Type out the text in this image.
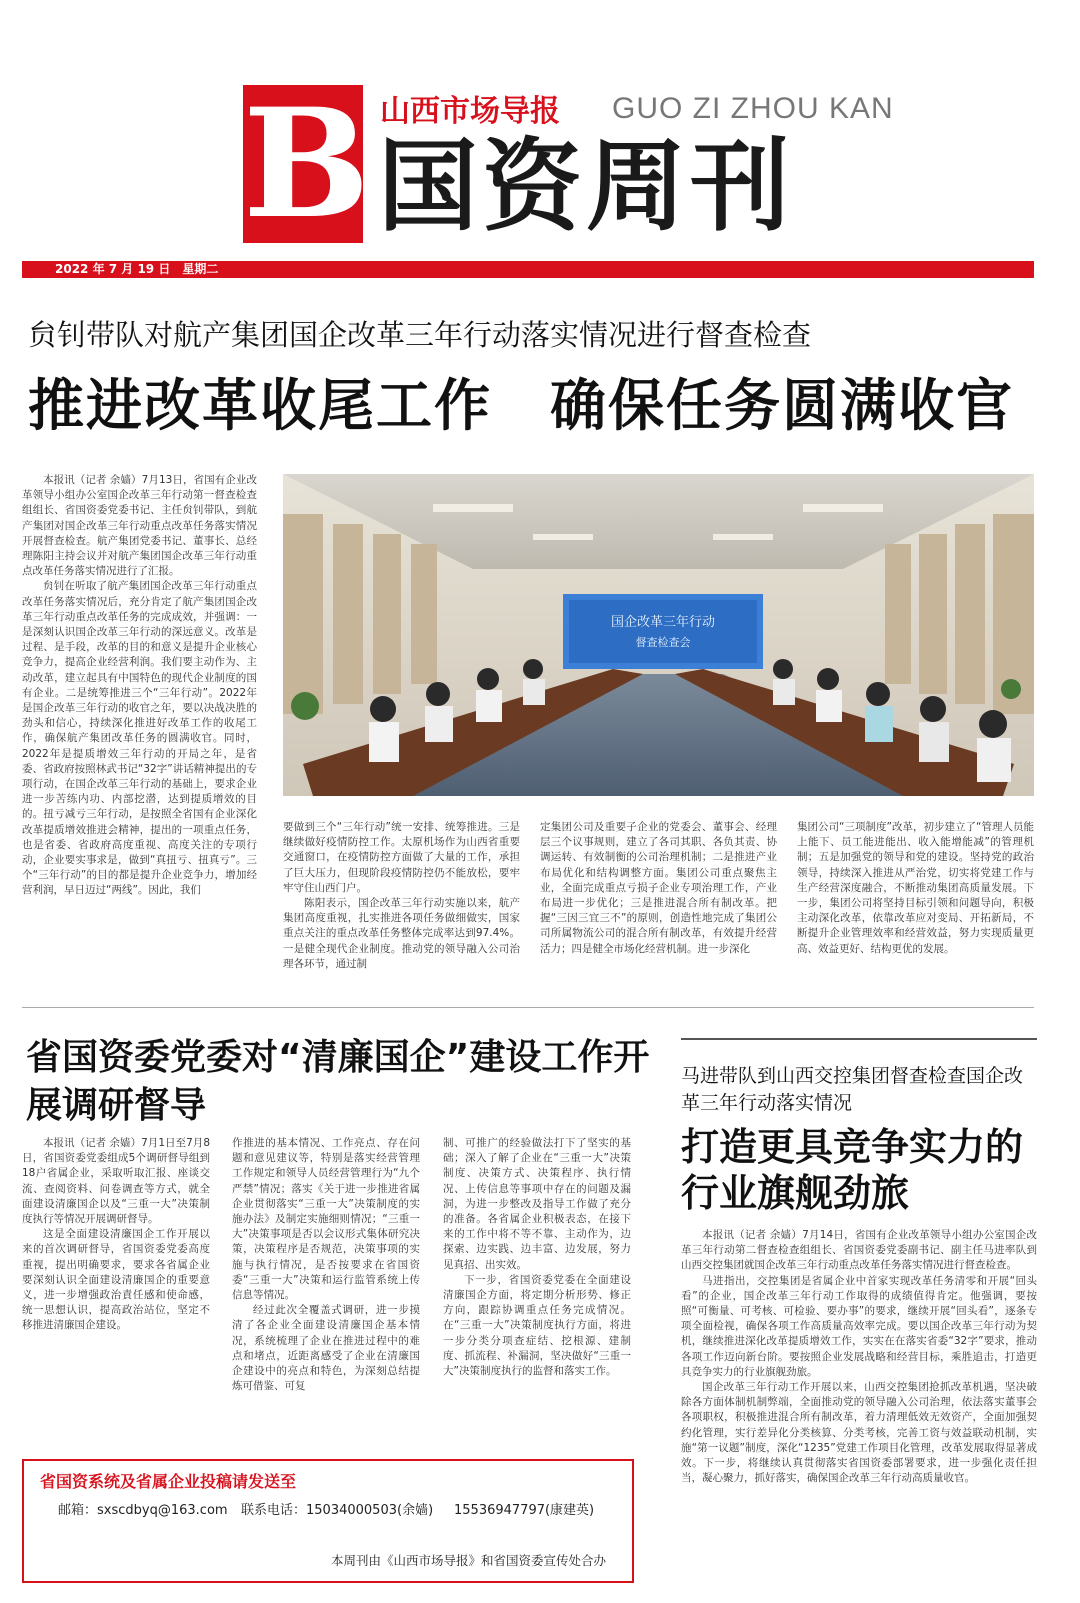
B 山西市场导报 GUO ZI ZHOU KAN
国资周刊
2022 年 7 月 19 日　星期二
贠钊带队对航产集团国企改革三年行动落实情况进行督查检查
推进改革收尾工作　确保任务圆满收官

本报讯（记者 余嫱）7月13日，省国有企业改革领导小组办公室国企改革三年行动第一督查检查组组长、省国资委党委书记、主任贠钊带队，到航产集团对国企改革三年行动重点改革任务落实情况开展督查检查。航产集团党委书记、董事长、总经理陈阳主持会议并对航产集团国企改革三年行动重点改革任务落实情况进行了汇报。

贠钊在听取了航产集团国企改革三年行动重点改革任务落实情况后，充分肯定了航产集团国企改革三年行动重点改革任务的完成成效，并强调：一是深刻认识国企改革三年行动的深远意义。改革是过程、是手段，改革的目的和意义是提升企业核心竞争力，提高企业经营利润。我们要主动作为、主动改革，建立起具有中国特色的现代企业制度的国有企业。二是统筹推进三个“三年行动”。2022年是国企改革三年行动的收官之年，要以决战决胜的劲头和信心，持续深化推进好改革工作的收尾工作，确保航产集团改革任务的圆满收官。同时，2022年是提质增效三年行动的开局之年，是省委、省政府按照林武书记“32字”讲话精神提出的专项行动，在国企改革三年行动的基础上，要求企业进一步苦练内功、内部挖潜，达到提质增效的目的。扭亏减亏三年行动，是按照全省国有企业深化改革提质增效推进会精神，提出的一项重点任务，也是省委、省政府高度重视、高度关注的专项行动，企业要实事求是，做到“真扭亏、扭真亏”。三个“三年行动”的目的都是提升企业竞争力，增加经营利润，早日迈过“两线”。因此，我们

国企改革三年行动
督查检查会

要做到三个“三年行动”统一安排、统筹推进。三是继续做好疫情防控工作。太原机场作为山西省重要交通窗口，在疫情防控方面做了大量的工作，承担了巨大压力，但现阶段疫情防控仍不能放松，要牢牢守住山西门户。

陈阳表示，国企改革三年行动实施以来，航产集团高度重视，扎实推进各项任务做细做实，国家重点关注的重点改革任务整体完成率达到97.4%。一是健全现代企业制度。推动党的领导融入公司治理各环节，通过制

定集团公司及重要子企业的党委会、董事会、经理层三个议事规则，建立了各司其职、各负其责、协调运转、有效制衡的公司治理机制；二是推进产业布局优化和结构调整方面。集团公司重点聚焦主业，全面完成重点亏损子企业专项治理工作，产业布局进一步优化；三是推进混合所有制改革。把握“三因三宜三不”的原则，创造性地完成了集团公司所属物流公司的混合所有制改革，有效提升经营活力；四是健全市场化经营机制。进一步深化

集团公司“三项制度”改革，初步建立了“管理人员能上能下、员工能进能出、收入能增能减”的管理机制；五是加强党的领导和党的建设。坚持党的政治领导，持续深入推进从严治党，切实将党建工作与生产经营深度融合，不断推动集团高质量发展。下一步，集团公司将坚持目标引领和问题导向，积极主动深化改革，依靠改革应对变局、开拓新局，不断提升企业管理效率和经营效益，努力实现质量更高、效益更好、结构更优的发展。

省国资委党委对“清廉国企”建设工作开展调研督导

本报讯（记者 余嫱）7月1日至7月8日，省国资委党委组成5个调研督导组到18户省属企业，采取听取汇报、座谈交流、查阅资料、问卷调查等方式，就全面建设清廉国企以及“三重一大”决策制度执行等情况开展调研督导。

这是全面建设清廉国企工作开展以来的首次调研督导，省国资委党委高度重视，提出明确要求，要求各省属企业要深刻认识全面建设清廉国企的重要意义，进一步增强政治責任感和使命感，统一思想认识，提高政治站位，坚定不移推进清廉国企建设。

作推进的基本情况、工作亮点、存在问题和意见建议等，特别是落实经营管理工作规定和领导人员经营管理行为“九个严禁”情况；落实《关于进一步推进省属企业贯彻落实“三重一大”决策制度的实施办法》及制定实施细则情况；“三重一大”决策事项是否以会议形式集体研究决策，决策程序是否规范，决策事项的实施与执行情况，是否按要求在省国资委“三重一大”决策和运行监管系统上传信息等情况。

经过此次全覆盖式调研，进一步摸清了各企业全面建设清廉国企基本情况，系统梳理了企业在推进过程中的难点和堵点，近距离感受了企业在清廉国企建设中的亮点和特色，为深刻总结提炼可借鉴、可复

制、可推广的经验做法打下了坚实的基础；深入了解了企业在“三重一大”决策制度、决策方式、决策程序、执行情况、上传信息等事项中存在的问题及漏洞，为进一步整改及指导工作做了充分的准备。各省属企业积极表态，在接下来的工作中将不等不靠、主动作为，边探索、边实践、边丰富、边发展，努力见真招、出实效。

下一步，省国资委党委在全面建设清廉国企方面，将定期分析形势、修正方向，跟踪协调重点任务完成情况。在“三重一大”决策制度执行方面，将进一步分类分项查症结、挖根源、建制度、抓流程、补漏洞，坚决做好“三重一大”决策制度执行的监督和落实工作。

马进带队到山西交控集团督查检查国企改革三年行动落实情况
打造更具竞争实力的行业旗舰劲旅

本报讯（记者 余嫱）7月14日，省国有企业改革领导小组办公室国企改革三年行动第二督查检查组组长、省国资委党委副书记、副主任马进率队到山西交控集团就国企改革三年行动重点改革任务落实情况进行督查检查。

马进指出，交控集团是省属企业中首家实现改革任务清零和开展“回头看”的企业，国企改革三年行动工作取得的成绩值得肯定。他强调，要按照“可衡量、可考核、可检验、要办事”的要求，继续开展“回头看”，逐条专项全面检视，确保各项工作高质量高效率完成。要以国企改革三年行动为契机，继续推进深化改革提质增效工作，实实在在落实省委“32字”要求，推动各项工作迈向新台阶。要按照企业发展战略和经营目标，乘胜追击，打造更具竞争实力的行业旗舰劲旅。

国企改革三年行动工作开展以来，山西交控集团抢抓改革机遇，坚决破除各方面体制机制弊端，全面推动党的领导融入公司治理，依法落实董事会各项职权，积极推进混合所有制改革，着力清理低效无效资产，全面加强契约化管理，实行差异化分类核算、分类考核，完善工资与效益联动机制，实施“第一议题”制度，深化“1235”党建工作项目化管理，改革发展取得显著成效。下一步，将继续认真贯彻落实省国资委部署要求，进一步强化责任担当，凝心聚力，抓好落实，确保国企改革三年行动高质量收官。

省国资系统及省属企业投稿请发送至
邮箱：sxscdbyq@163.com 联系电话：15034000503(余嫱) 15536947797(康建英)
本周刊由《山西市场导报》和省国资委宣传处合办
